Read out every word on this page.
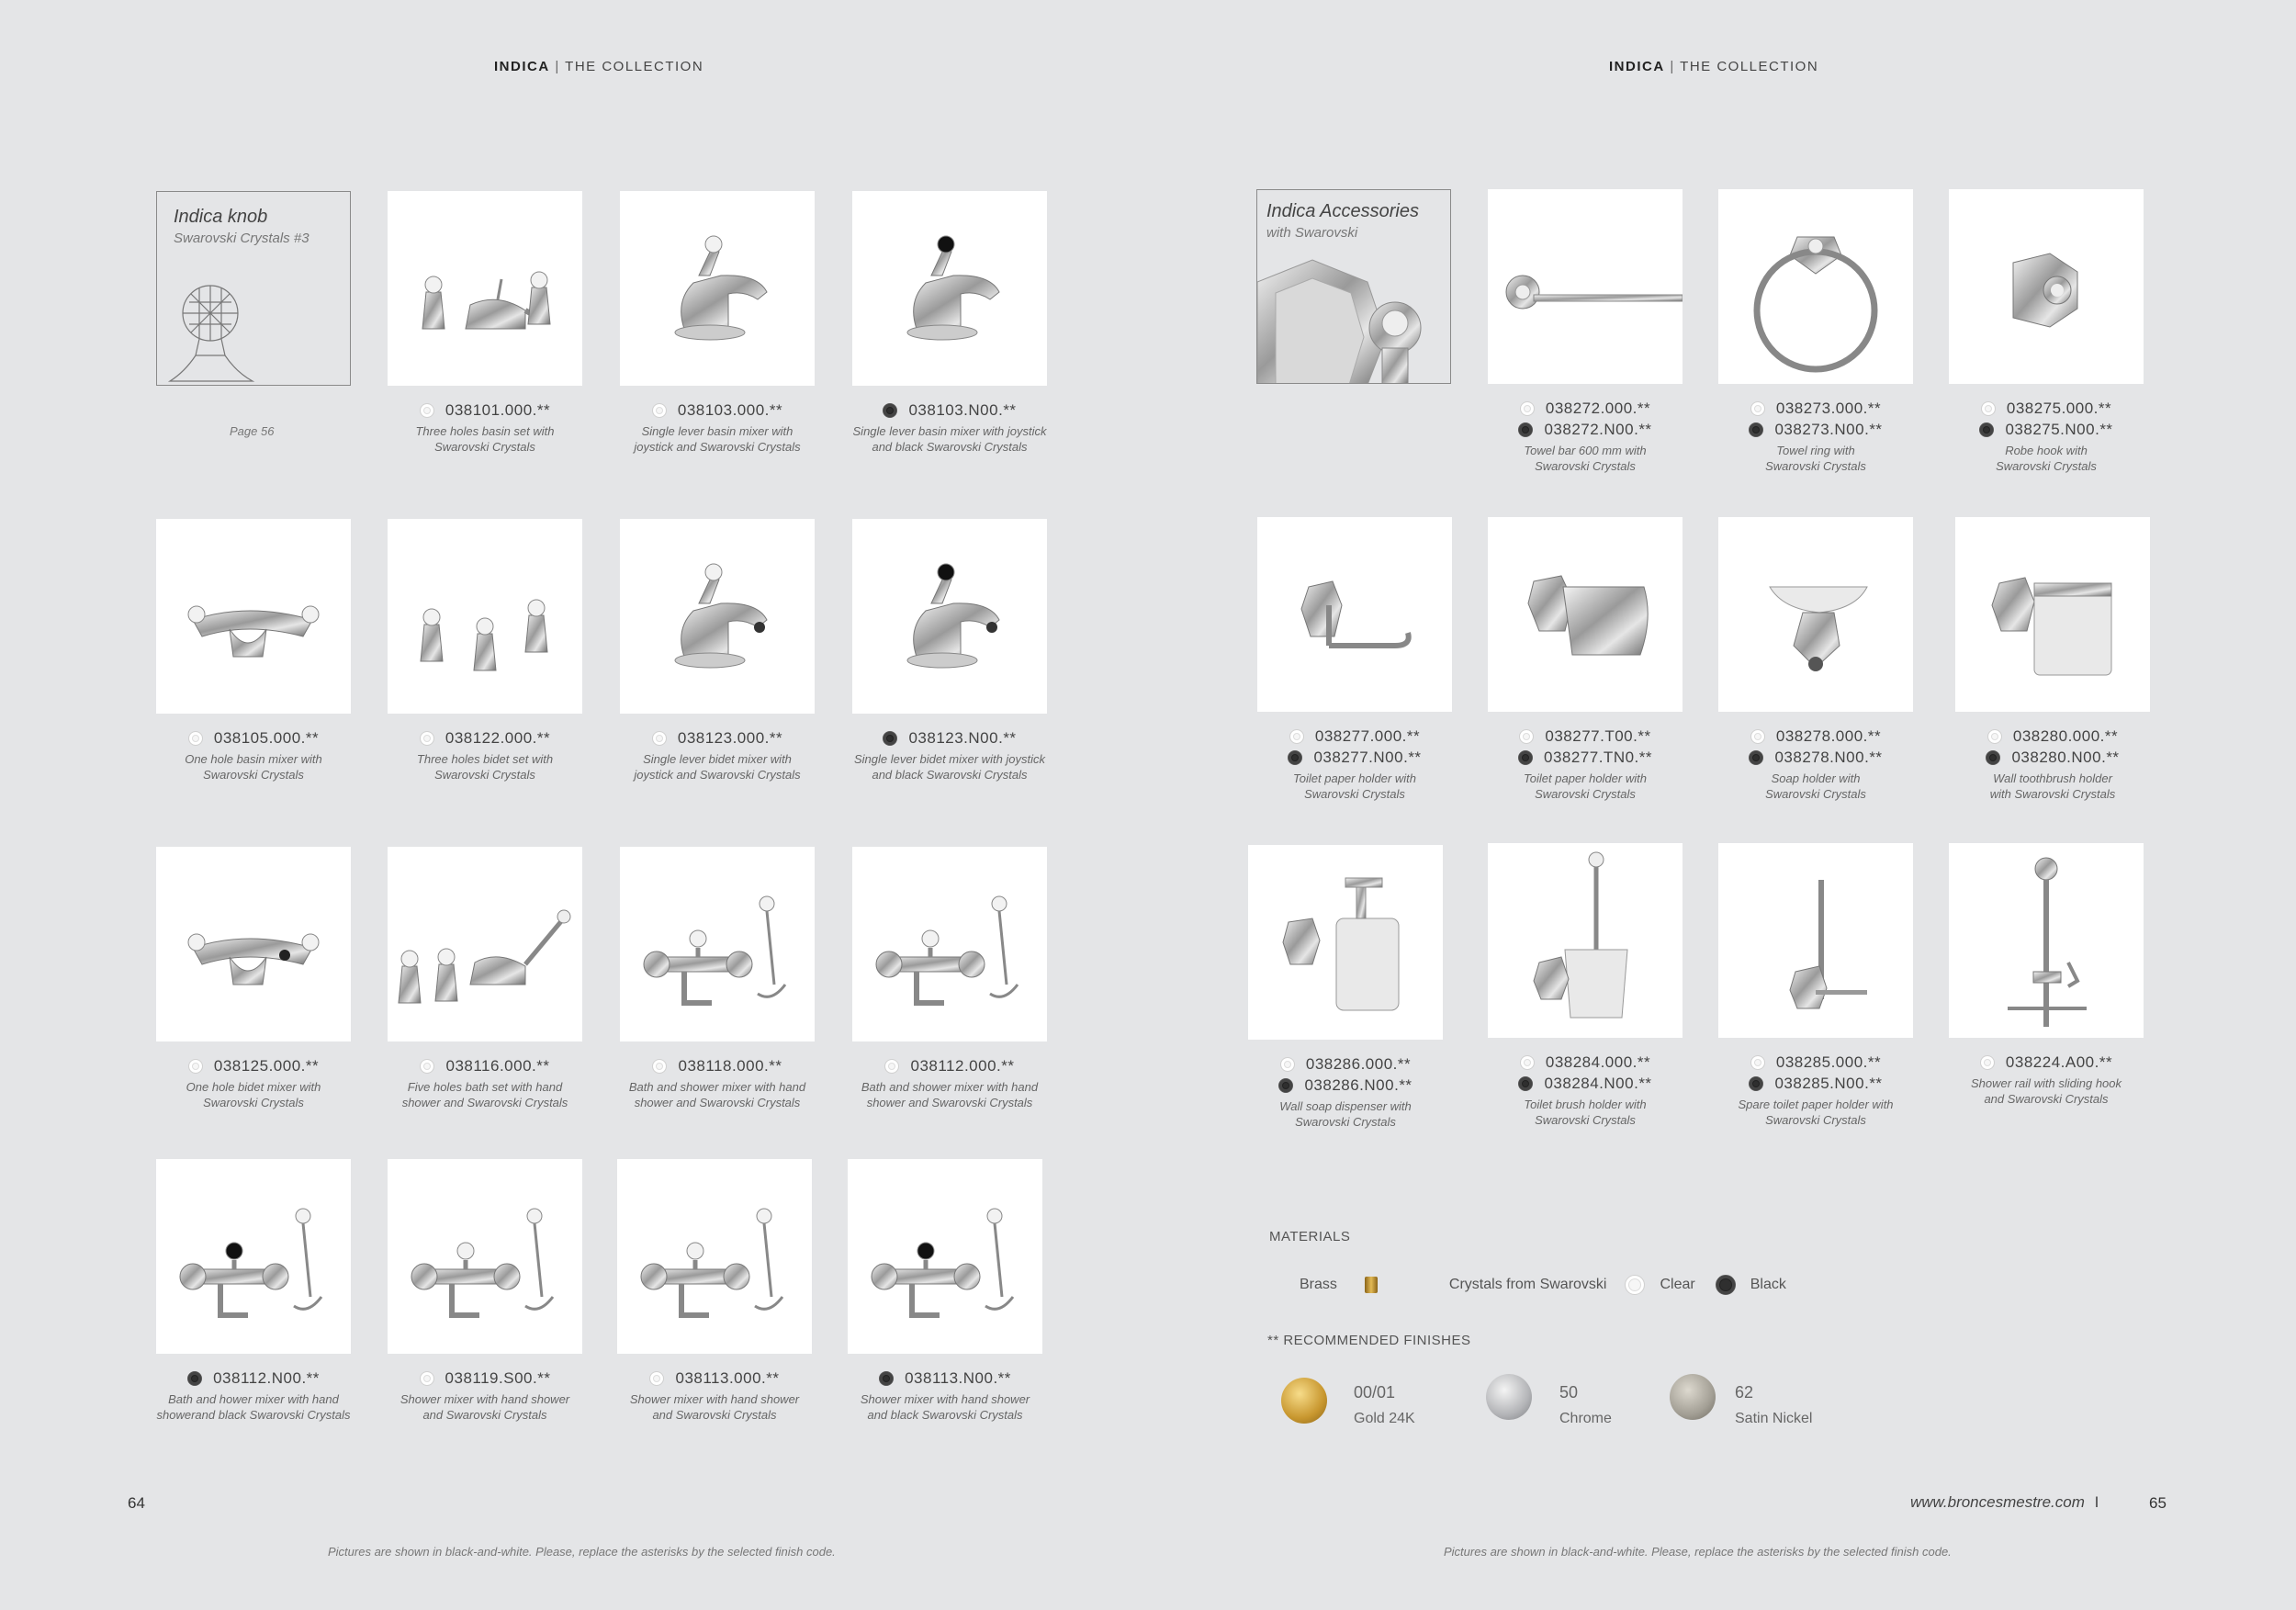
INDICA | THE COLLECTION	INDICA | THE COLLECTION
Indica knob
Swarovski Crystals #3
Page 56
Indica Accessories
with Swarovski
038101.000.**
Three holes basin set with
Swarovski Crystals
038103.000.**
Single lever basin mixer with
joystick and Swarovski Crystals
038103.N00.**
Single lever basin mixer with joystick
and black Swarovski Crystals
038105.000.**
One hole basin mixer with
Swarovski Crystals
038122.000.**
Three holes bidet set with
Swarovski Crystals
038123.000.**
Single lever bidet mixer with
joystick and Swarovski Crystals
038123.N00.**
Single lever bidet mixer with joystick
and black Swarovski Crystals
038125.000.**
One hole bidet mixer with
Swarovski Crystals
038116.000.**
Five holes bath set with hand
shower and Swarovski Crystals
038118.000.**
Bath and shower mixer with hand
shower and Swarovski Crystals
038112.000.**
Bath and shower mixer with hand
shower and Swarovski Crystals
038112.N00.**
Bath and hower mixer with hand
showerand black Swarovski Crystals
038119.S00.**
Shower mixer with hand shower
and Swarovski Crystals
038113.000.**
Shower mixer with hand shower
and Swarovski Crystals
038113.N00.**
Shower mixer with hand shower
and black Swarovski Crystals
038272.000.**
038272.N00.**
Towel bar 600 mm with
Swarovski Crystals
038273.000.**
038273.N00.**
Towel ring with
Swarovski Crystals
038275.000.**
038275.N00.**
Robe hook with
Swarovski Crystals
038277.000.**
038277.N00.**
Toilet paper holder with
Swarovski Crystals
038277.T00.**
038277.TN0.**
Toilet paper holder with
Swarovski Crystals
038278.000.**
038278.N00.**
Soap holder with
Swarovski Crystals
038280.000.**
038280.N00.**
Wall toothbrush holder
with Swarovski Crystals
038286.000.**
038286.N00.**
Wall soap dispenser with
Swarovski Crystals
038284.000.**
038284.N00.**
Toilet brush holder with
Swarovski Crystals
038285.000.**
038285.N00.**
Spare toilet paper holder with
Swarovski Crystals
038224.A00.**
Shower rail with sliding hook
and Swarovski Crystals
MATERIALS
Brass	Crystals from Swarovski	Clear	Black
** RECOMMENDED FINISHES
00/01
Gold 24K
50
Chrome
62
Satin Nickel
64	65
www.broncesmestre.com I
Pictures are shown in black-and-white. Please, replace the asterisks by the selected finish code.	Pictures are shown in black-and-white. Please, replace the asterisks by the selected finish code.
